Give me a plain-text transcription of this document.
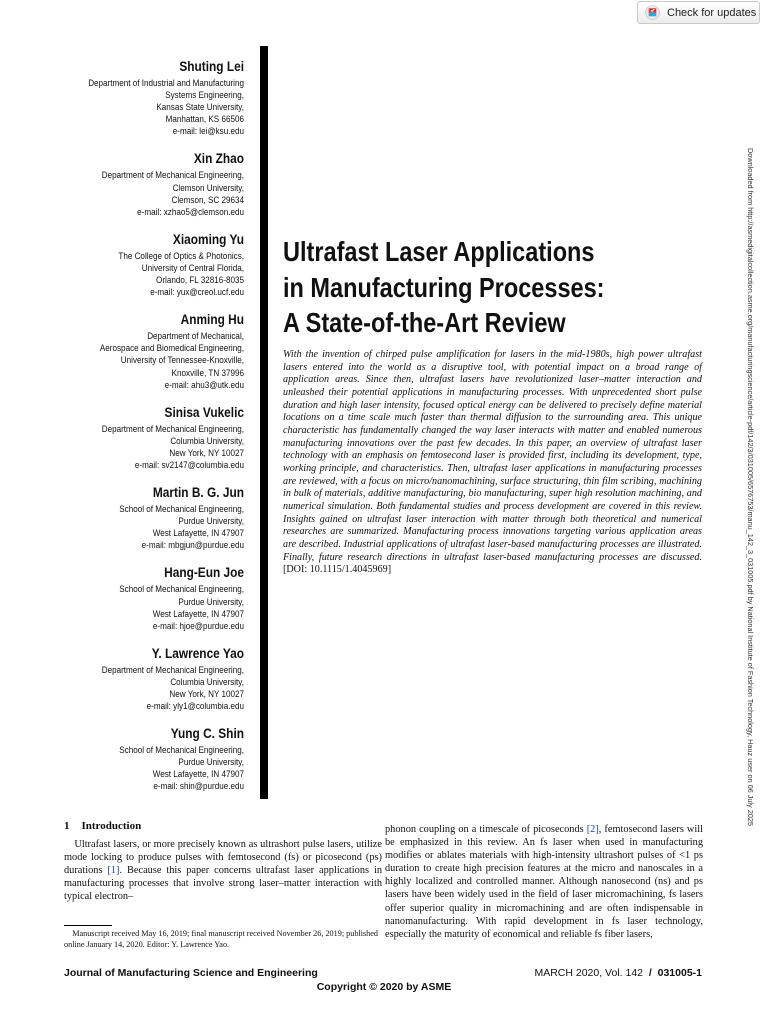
Check for updates
Shuting Lei
Department of Industrial and Manufacturing
Systems Engineering,
Kansas State University,
Manhattan, KS 66506
e-mail: lei@ksu.edu
Xin Zhao
Department of Mechanical Engineering,
Clemson University,
Clemson, SC 29634
e-mail: xzhao5@clemson.edu
Xiaoming Yu
The College of Optics & Photonics,
University of Central Florida,
Orlando, FL 32816-8035
e-mail: yux@creol.ucf.edu
Anming Hu
Department of Mechanical,
Aerospace and Biomedical Engineering,
University of Tennessee-Knoxville,
Knoxville, TN 37996
e-mail: ahu3@utk.edu
Sinisa Vukelic
Department of Mechanical Engineering,
Columbia University,
New York, NY 10027
e-mail: sv2147@columbia.edu
Martin B. G. Jun
School of Mechanical Engineering,
Purdue University,
West Lafayette, IN 47907
e-mail: mbgjun@purdue.edu
Hang-Eun Joe
School of Mechanical Engineering,
Purdue University,
West Lafayette, IN 47907
e-mail: hjoe@purdue.edu
Y. Lawrence Yao
Department of Mechanical Engineering,
Columbia University,
New York, NY 10027
e-mail: yly1@columbia.edu
Yung C. Shin
School of Mechanical Engineering,
Purdue University,
West Lafayette, IN 47907
e-mail: shin@purdue.edu
Ultrafast Laser Applications
in Manufacturing Processes:
A State-of-the-Art Review
With the invention of chirped pulse amplification for lasers in the mid-1980s, high power ultrafast lasers entered into the world as a disruptive tool, with potential impact on a broad range of application areas. Since then, ultrafast lasers have revolutionized laser–matter interaction and unleashed their potential applications in manufacturing processes. With unprecedented short pulse duration and high laser intensity, focused optical energy can be delivered to precisely define material locations on a time scale much faster than thermal diffusion to the surrounding area. This unique characteristic has fundamentally changed the way laser interacts with matter and enabled numerous manufacturing innovations over the past few decades. In this paper, an overview of ultrafast laser technology with an emphasis on femtosecond laser is provided first, including its development, type, working principle, and characteristics. Then, ultrafast laser applications in manufacturing processes are reviewed, with a focus on micro/nanomachining, surface structuring, thin film scribing, machining in bulk of materials, additive manufacturing, bio manufacturing, super high resolution machining, and numerical simulation. Both fundamental studies and process development are covered in this review. Insights gained on ultrafast laser interaction with matter through both theoretical and numerical researches are summarized. Manufacturing process innovations targeting various application areas are described. Industrial applications of ultrafast laser-based manufacturing processes are illustrated. Finally, future research directions in ultrafast laser-based manufacturing processes are discussed. [DOI: 10.1115/1.4045969]	Downloaded from http://asmedigitalcollection.asme.org/manufacturingscience/article-pdf/142/3/031005/6576753/manu_142_3_031005.pdf by National Institute of Fashion Technology, Hauz user on 06 July 2025

1 Introduction

 Ultrafast lasers, or more precisely known as ultrashort pulse lasers, utilize mode locking to produce pulses with femtosecond (fs) or picosecond (ps) durations [1]. Because this paper concerns ultrafast laser applications in manufacturing processes that involve strong laser–matter interaction with typical electron–

 Manuscript received May 16, 2019; final manuscript received November 26, 2019; published online January 14, 2020. Editor: Y. Lawrence Yao.

phonon coupling on a timescale of picoseconds [2], femtosecond lasers will be emphasized in this review. An fs laser when used in manufacturing modifies or ablates materials with high-intensity ultrashort pulses of <1 ps duration to create high precision features at the micro and nanoscales in a highly localized and controlled manner. Although nanosecond (ns) and ps lasers have been widely used in the field of laser micromachining, fs lasers offer superior quality in micromachining and are often indispensable in nanomanufacturing. With rapid development in fs laser technology, especially the maturity of economical and reliable fs fiber lasers,

Journal of Manufacturing Science and Engineering	MARCH 2020, Vol. 142 / 031005-1
Copyright © 2020 by ASME
